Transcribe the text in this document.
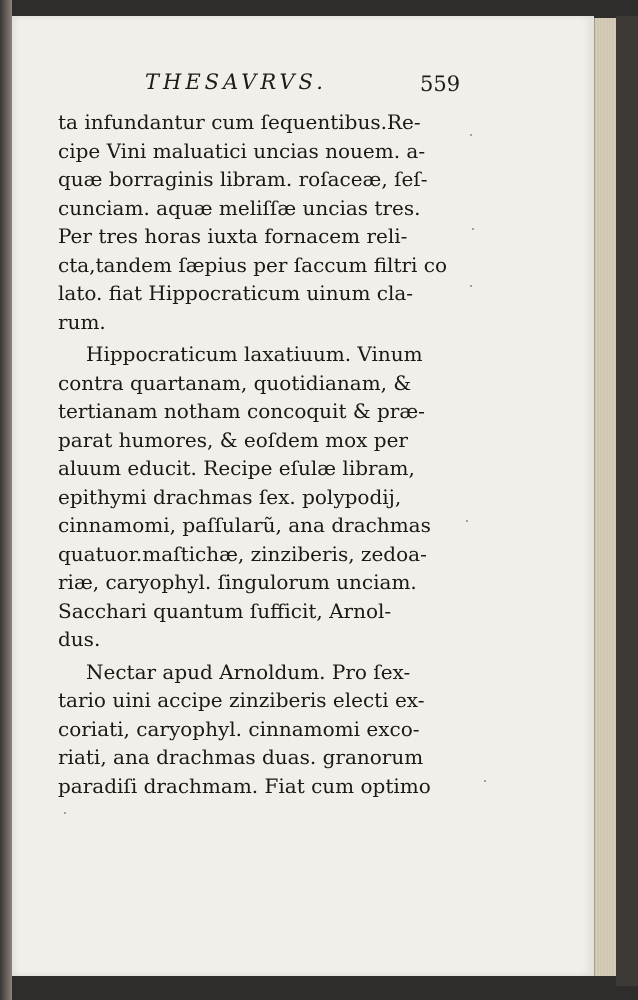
THESAVRVS.	559
ta infundantur cum ſequentibus.Re-
cipe Vini maluatici uncias nouem. a-
quæ borraginis libram. roſaceæ, ſeſ-
cunciam. aquæ meliſſæ uncias tres.
Per tres horas iuxta fornacem reli-
cta,tandem ſæpius per ſaccum filtri co
lato. fiat Hippocraticum uinum cla-
rum.
Hippocraticum laxatiuum. Vinum
contra quartanam, quotidianam, &
tertianam notham concoquit & præ-
parat humores, & eoſdem mox per
aluum educit. Recipe eſulæ libram,
epithymi drachmas ſex. polypodij,
cinnamomi, paſſularũ, ana drachmas
quatuor.maſtichæ, zinziberis, zedoa-
riæ, caryophyl. ſingulorum unciam.
Sacchari quantum ſufficit, Arnol-
dus.
Nectar apud Arnoldum. Pro ſex-
tario uini accipe zinziberis electi ex-
coriati, caryophyl. cinnamomi exco-
riati, ana drachmas duas. granorum
paradiſi drachmam. Fiat cum optimo
